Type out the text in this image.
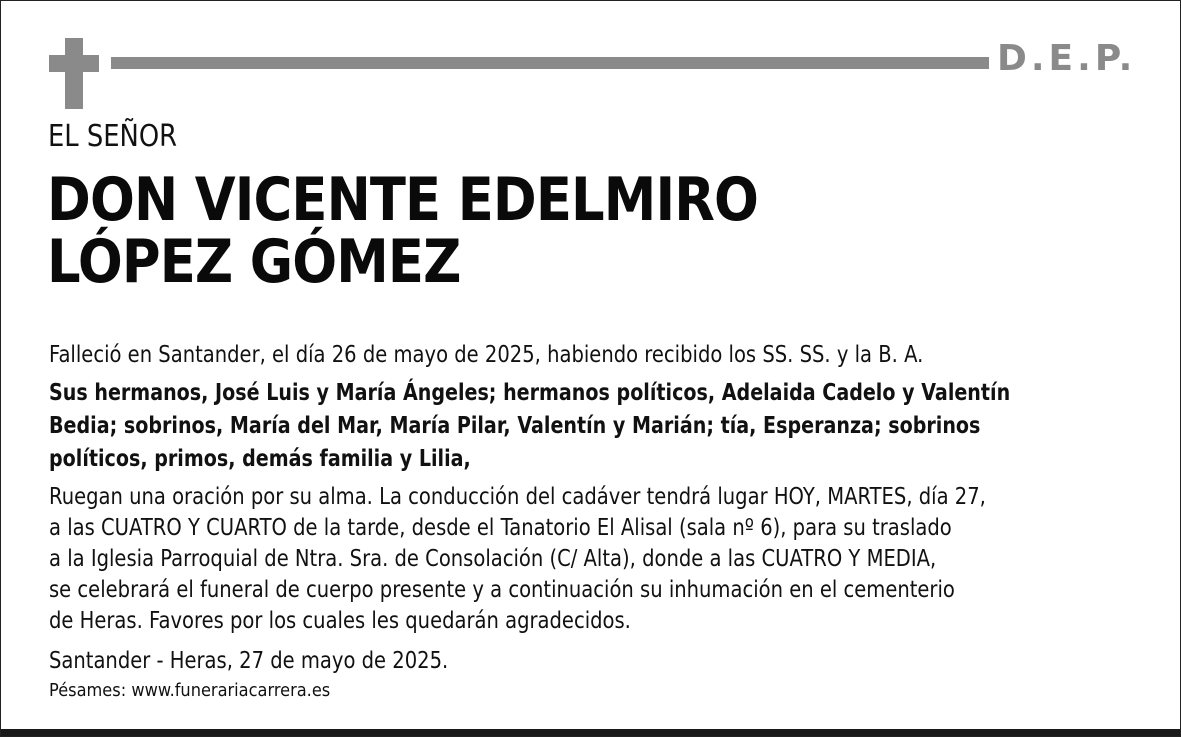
D.E.P.
EL SEÑOR
DON VICENTE EDELMIRO
LÓPEZ GÓMEZ
Falleció en Santander, el día 26 de mayo de 2025, habiendo recibido los SS. SS. y la B. A.
Sus hermanos, José Luis y María Ángeles; hermanos políticos, Adelaida Cadelo y Valentín
Bedia; sobrinos, María del Mar, María Pilar, Valentín y Marián; tía, Esperanza; sobrinos
políticos, primos, demás familia y Lilia,
Ruegan una oración por su alma. La conducción del cadáver tendrá lugar HOY, MARTES, día 27,
a las CUATRO Y CUARTO de la tarde, desde el Tanatorio El Alisal (sala nº 6), para su traslado
a la Iglesia Parroquial de Ntra. Sra. de Consolación (C/ Alta), donde a las CUATRO Y MEDIA,
se celebrará el funeral de cuerpo presente y a continuación su inhumación en el cementerio
de Heras. Favores por los cuales les quedarán agradecidos.
Santander - Heras, 27 de mayo de 2025.
Pésames: www.funerariacarrera.es
